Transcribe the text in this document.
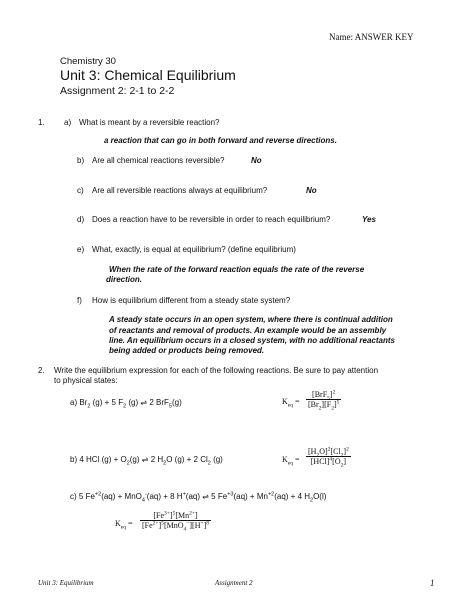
Name: ANSWER KEY
Chemistry 30
Unit 3: Chemical Equilibrium
Assignment 2: 2-1 to 2-2
1. a) What is meant by a reversible reaction?
a reaction that can go in both forward and reverse directions.
b) Are all chemical reactions reversible?	No
c) Are all reversible reactions always at equilibrium?	No
d) Does a reaction have to be reversible in order to reach equilibrium?	Yes
e) What, exactly, is equal at equilibrium? (define equilibrium)
When the rate of the forward reaction equals the rate of the reverse
direction.
f) How is equilibrium different from a steady state system?
A steady state occurs in an open system, where there is continual addition
of reactants and removal of products. An example would be an assembly
line. An equilibrium occurs in a closed system, with no additional reactants
being added or products being removed.
2. Write the equilibrium expression for each of the following reactions. Be sure to pay attention
to physical states:
a) $Br_2$ (g) + 5 $F_2$ (g) ⇌ 2 BrF$_5$(g)	$K_{eq}$ =
$[BrF_5]^2$
$[Br_2][F_2]^5$
b) 4 HCl $(g) + O_2(g)$ ⇌ 2 $H_2O$ (g) + 2 $Cl_2$ (g)	$K_{eq}$ =
$[H_2O]^2[Cl_2]^2$
$[HCl]^4[O_2]$
c) 5 $Fe^{+2}(aq) + MnO_4^-(aq) + 8$ H+(aq) ⇌ 5 $Fe^{+3}(aq) + Mn^{+2}(aq) + 4$ $H_2O(l)$
$K_{eq}$ =
$[Fe^{3+}]^5[Mn^{2+}]$
$[Fe^{2+}]^5[MnO_4^-][H^+]^8$
Unit 3: Equilibrium	Assignment 2	1
